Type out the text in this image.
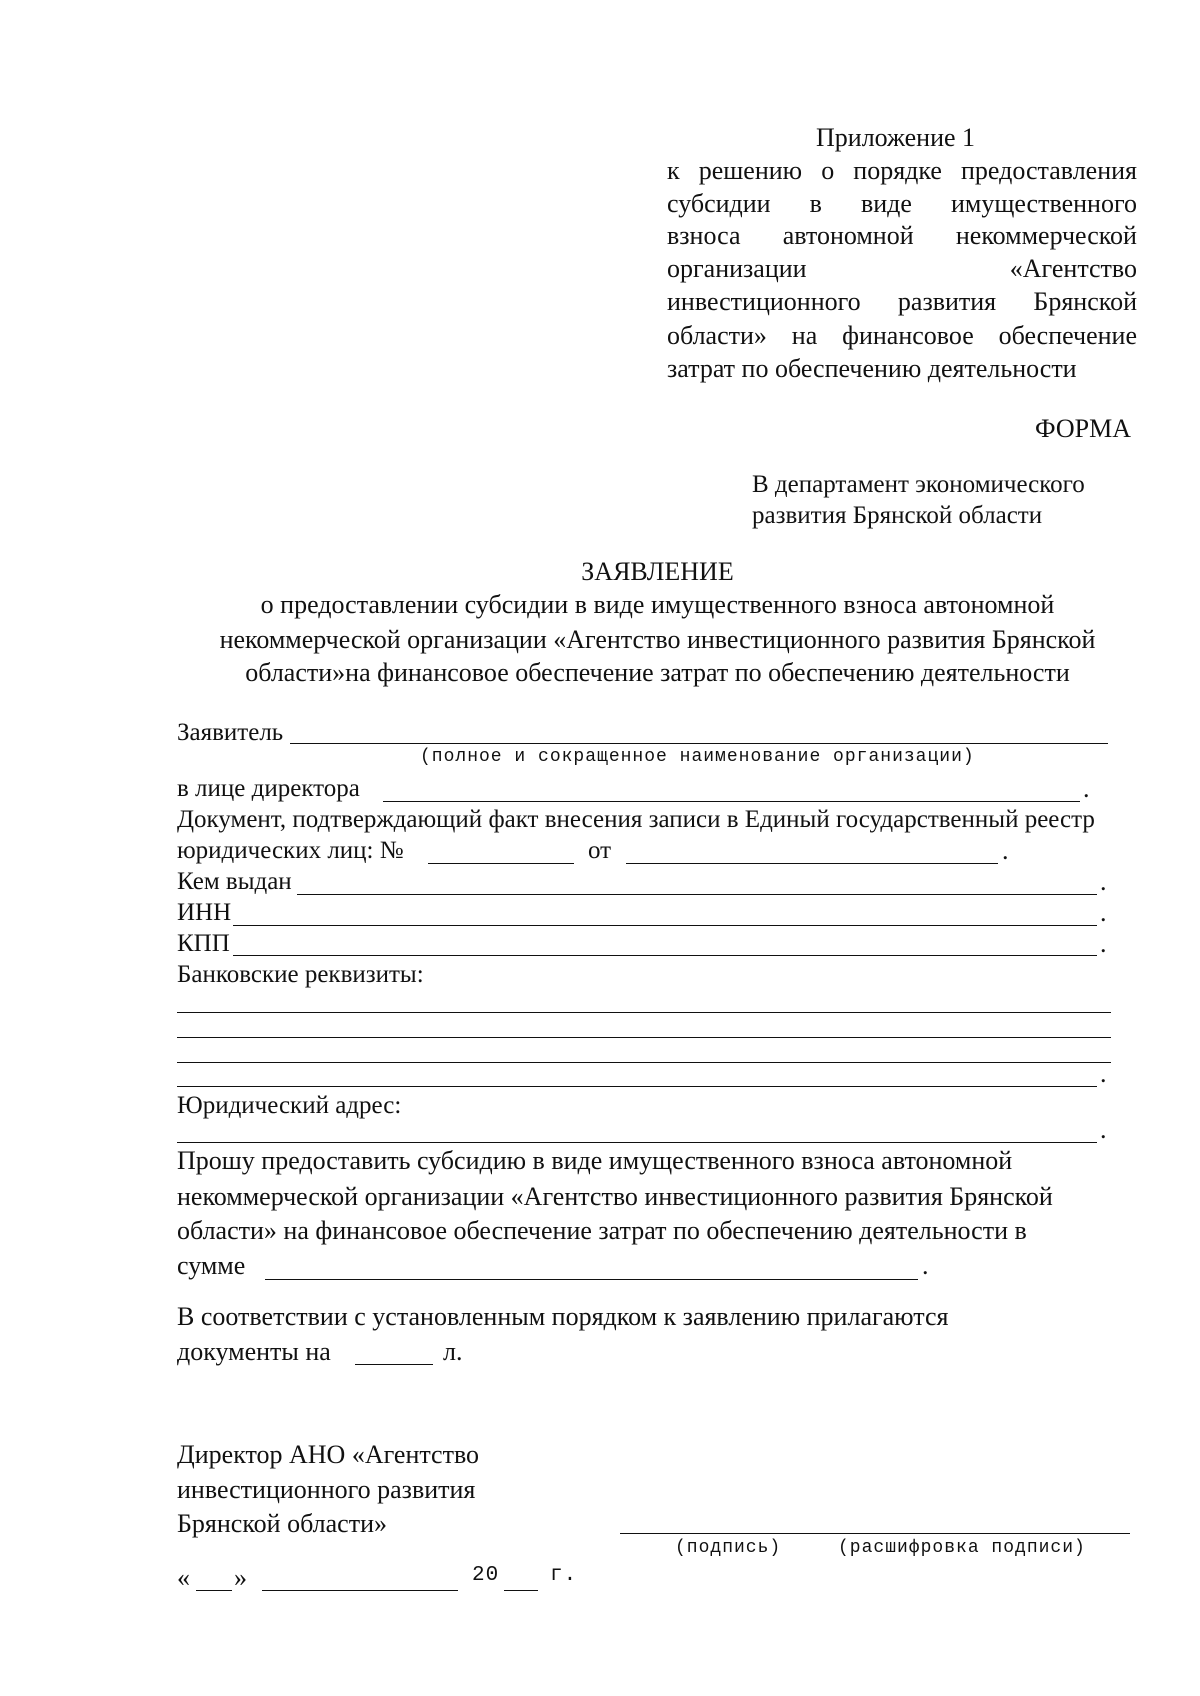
Приложение 1
к решению о порядке предоставления
субсидии в виде имущественного
взноса автономной некоммерческой
организации	«Агентство
инвестиционного развития Брянской
области» на финансовое обеспечение
затрат по обеспечению деятельности
ФОРМА
В департамент экономического
развития Брянской области
ЗАЯВЛЕНИЕ
о предоставлении субсидии в виде имущественного взноса автономной
некоммерческой организации «Агентство инвестиционного развития Брянской
области»на финансовое обеспечение затрат по обеспечению деятельности
Заявитель
(полное и сокращенное наименование организации)
в лице директора	.
Документ, подтверждающий факт внесения записи в Единый государственный реестр
юридических лиц: №	от	.
Кем выдан	.
ИНН	.
КПП	.
Банковские реквизиты:
.
Юридический адрес:
.
Прошу предоставить субсидию в виде имущественного взноса автономной
некоммерческой организации «Агентство инвестиционного развития Брянской
области» на финансовое обеспечение затрат по обеспечению деятельности в
сумме	.
В соответствии с установленным порядком к заявлению прилагаются
документы на	л.
Директор АНО «Агентство
инвестиционного развития
Брянской области»
(подпись)	(расшифровка подписи)
« »	20 г.
